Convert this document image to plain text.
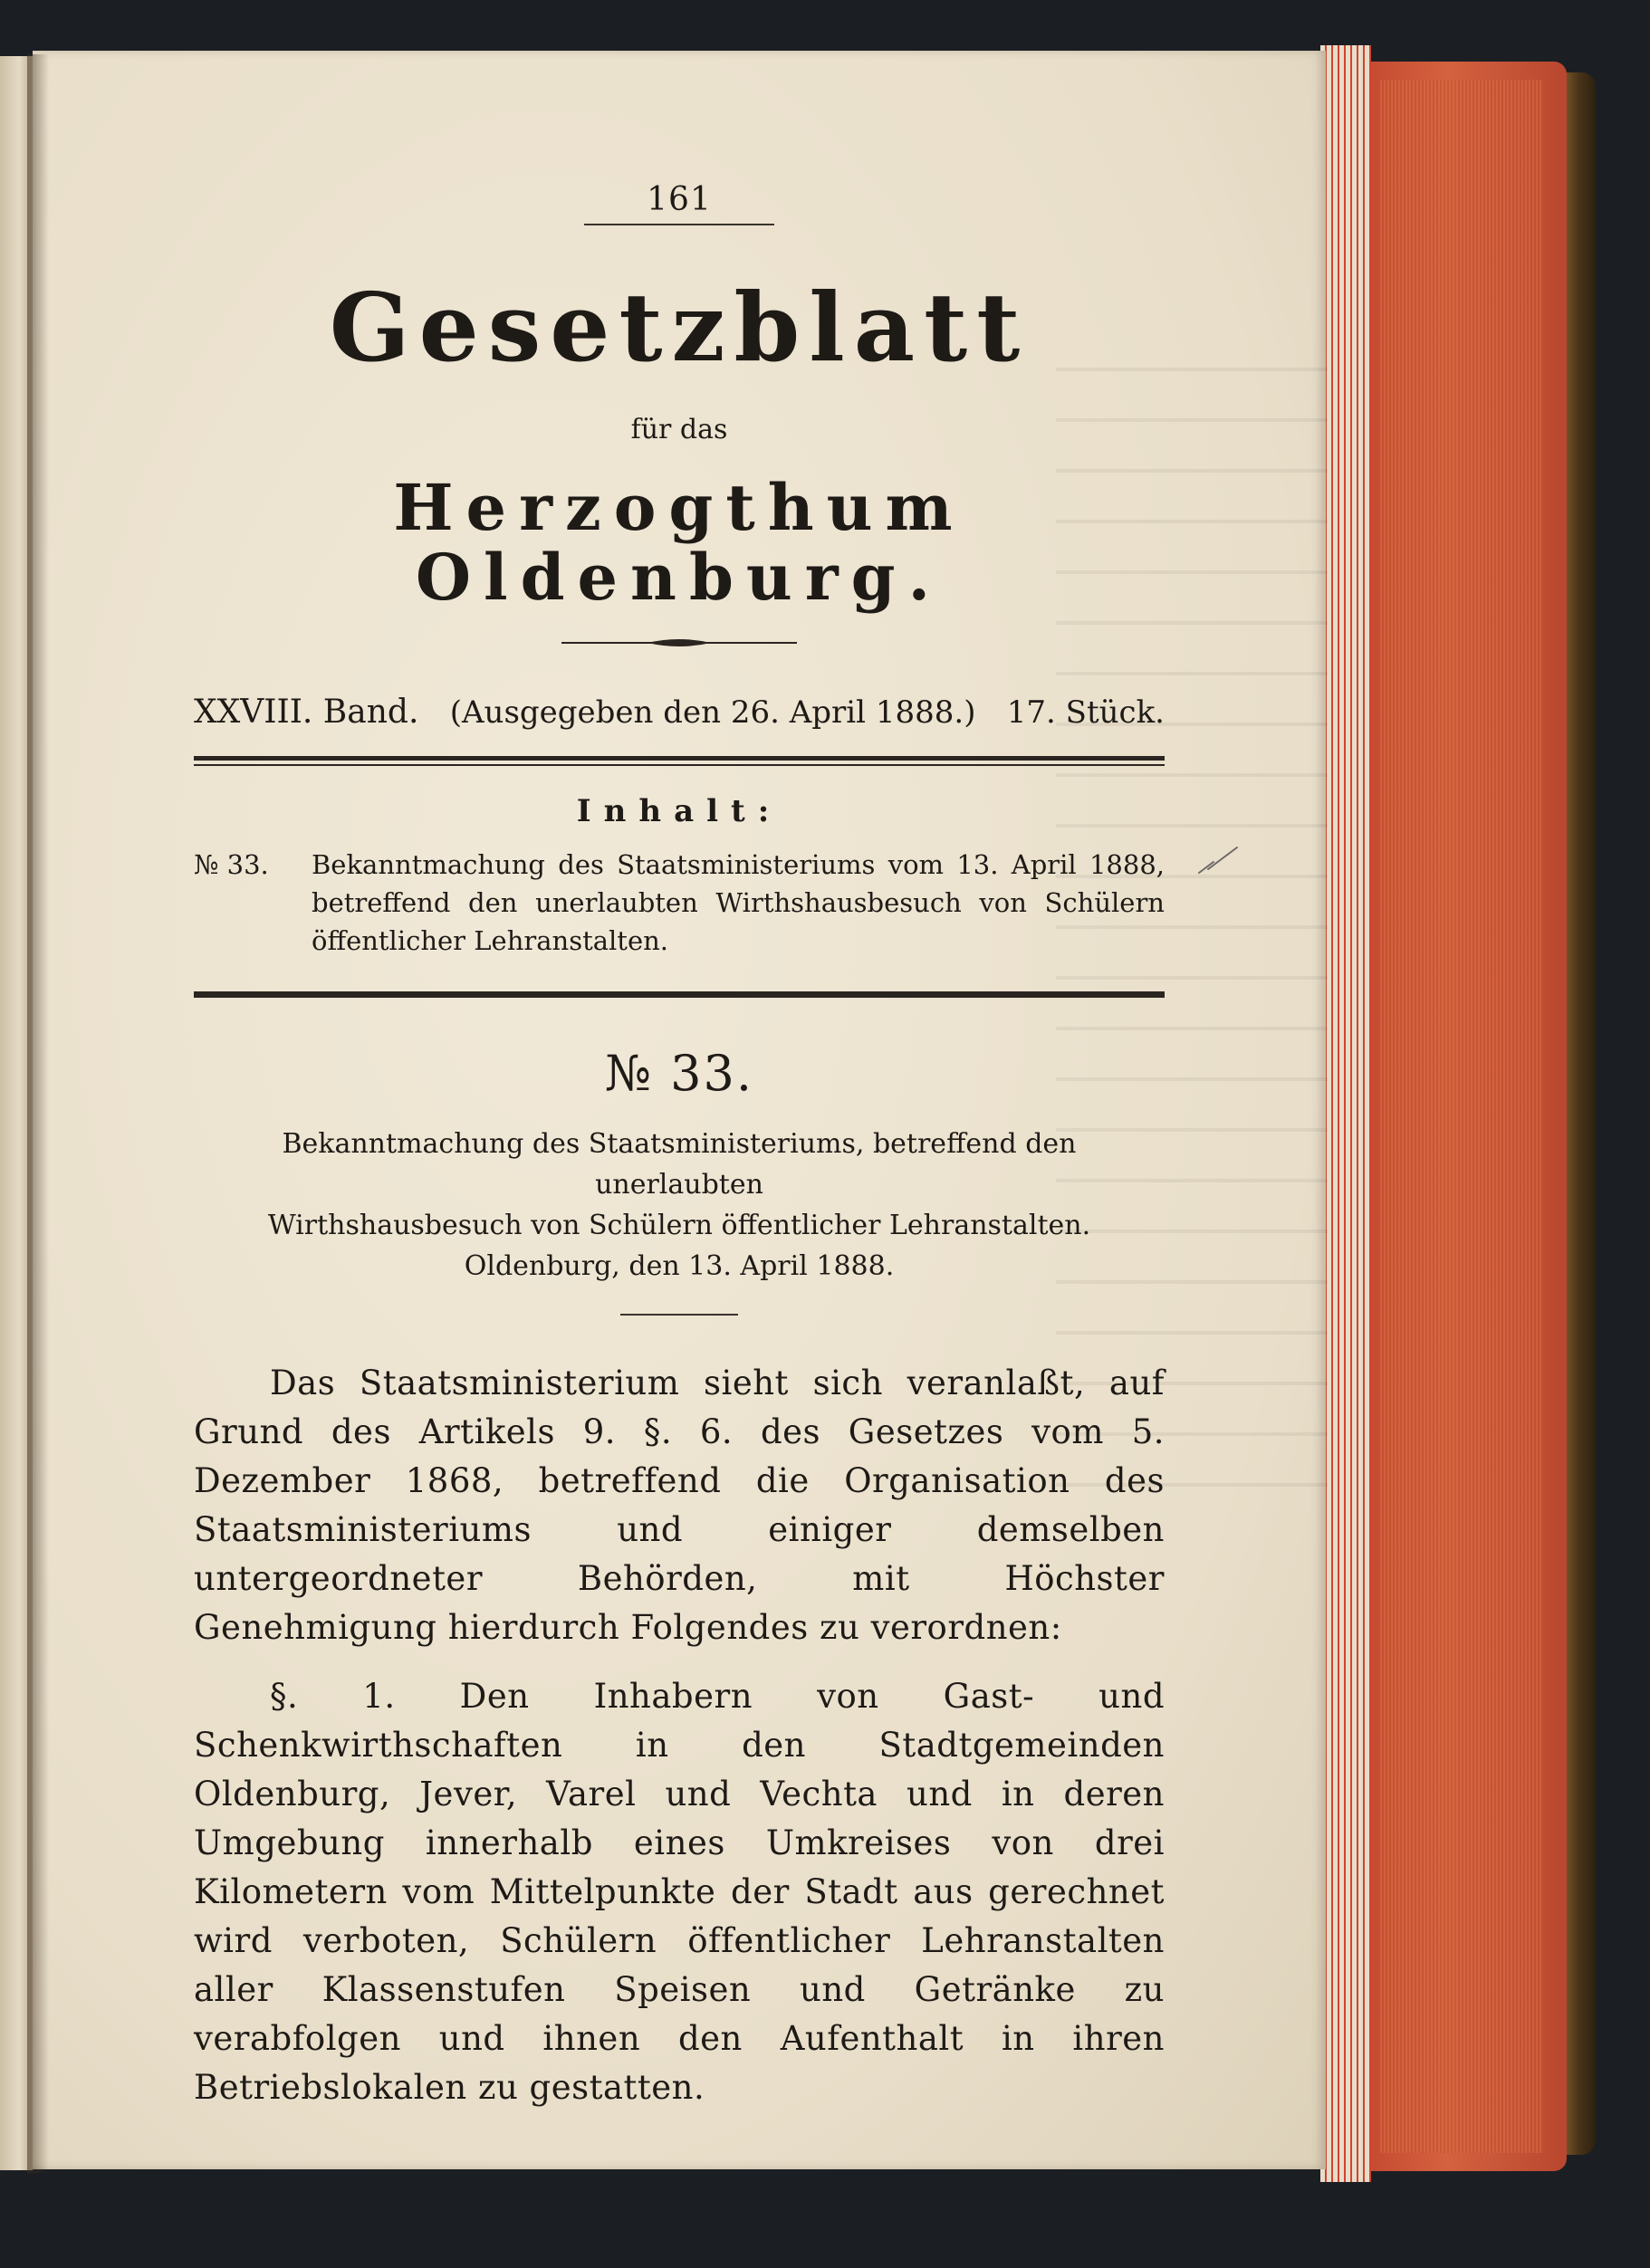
161

Gesetzblatt

für das

Herzogthum Oldenburg.
XXVIII. Band. (Ausgegeben den 26. April 1888.) 17. Stück.
Inhalt:
№ 33.	Bekanntmachung des Staatsministeriums vom 13. April 1888, betreffend den unerlaubten Wirthshausbesuch von Schülern öffentlicher Lehranstalten.
№ 33.
Bekanntmachung des Staatsministeriums, betreffend den unerlaubten
Wirthshausbesuch von Schülern öffentlicher Lehranstalten.
Oldenburg, den 13. April 1888.

Das Staatsministerium sieht sich veranlaßt, auf Grund des Artikels 9. §. 6. des Gesetzes vom 5. Dezember 1868, betreffend die Organisation des Staatsministeriums und einiger demselben untergeordneter Behörden, mit Höchster Genehmigung hierdurch Folgendes zu verordnen:

§. 1. Den Inhabern von Gast- und Schenkwirthschaften in den Stadtgemeinden Oldenburg, Jever, Varel und Vechta und in deren Umgebung innerhalb eines Umkreises von drei Kilometern vom Mittelpunkte der Stadt aus gerechnet wird verboten, Schülern öffentlicher Lehranstalten aller Klassenstufen Speisen und Getränke zu verabfolgen und ihnen den Aufenthalt in ihren Betriebslokalen zu gestatten.
